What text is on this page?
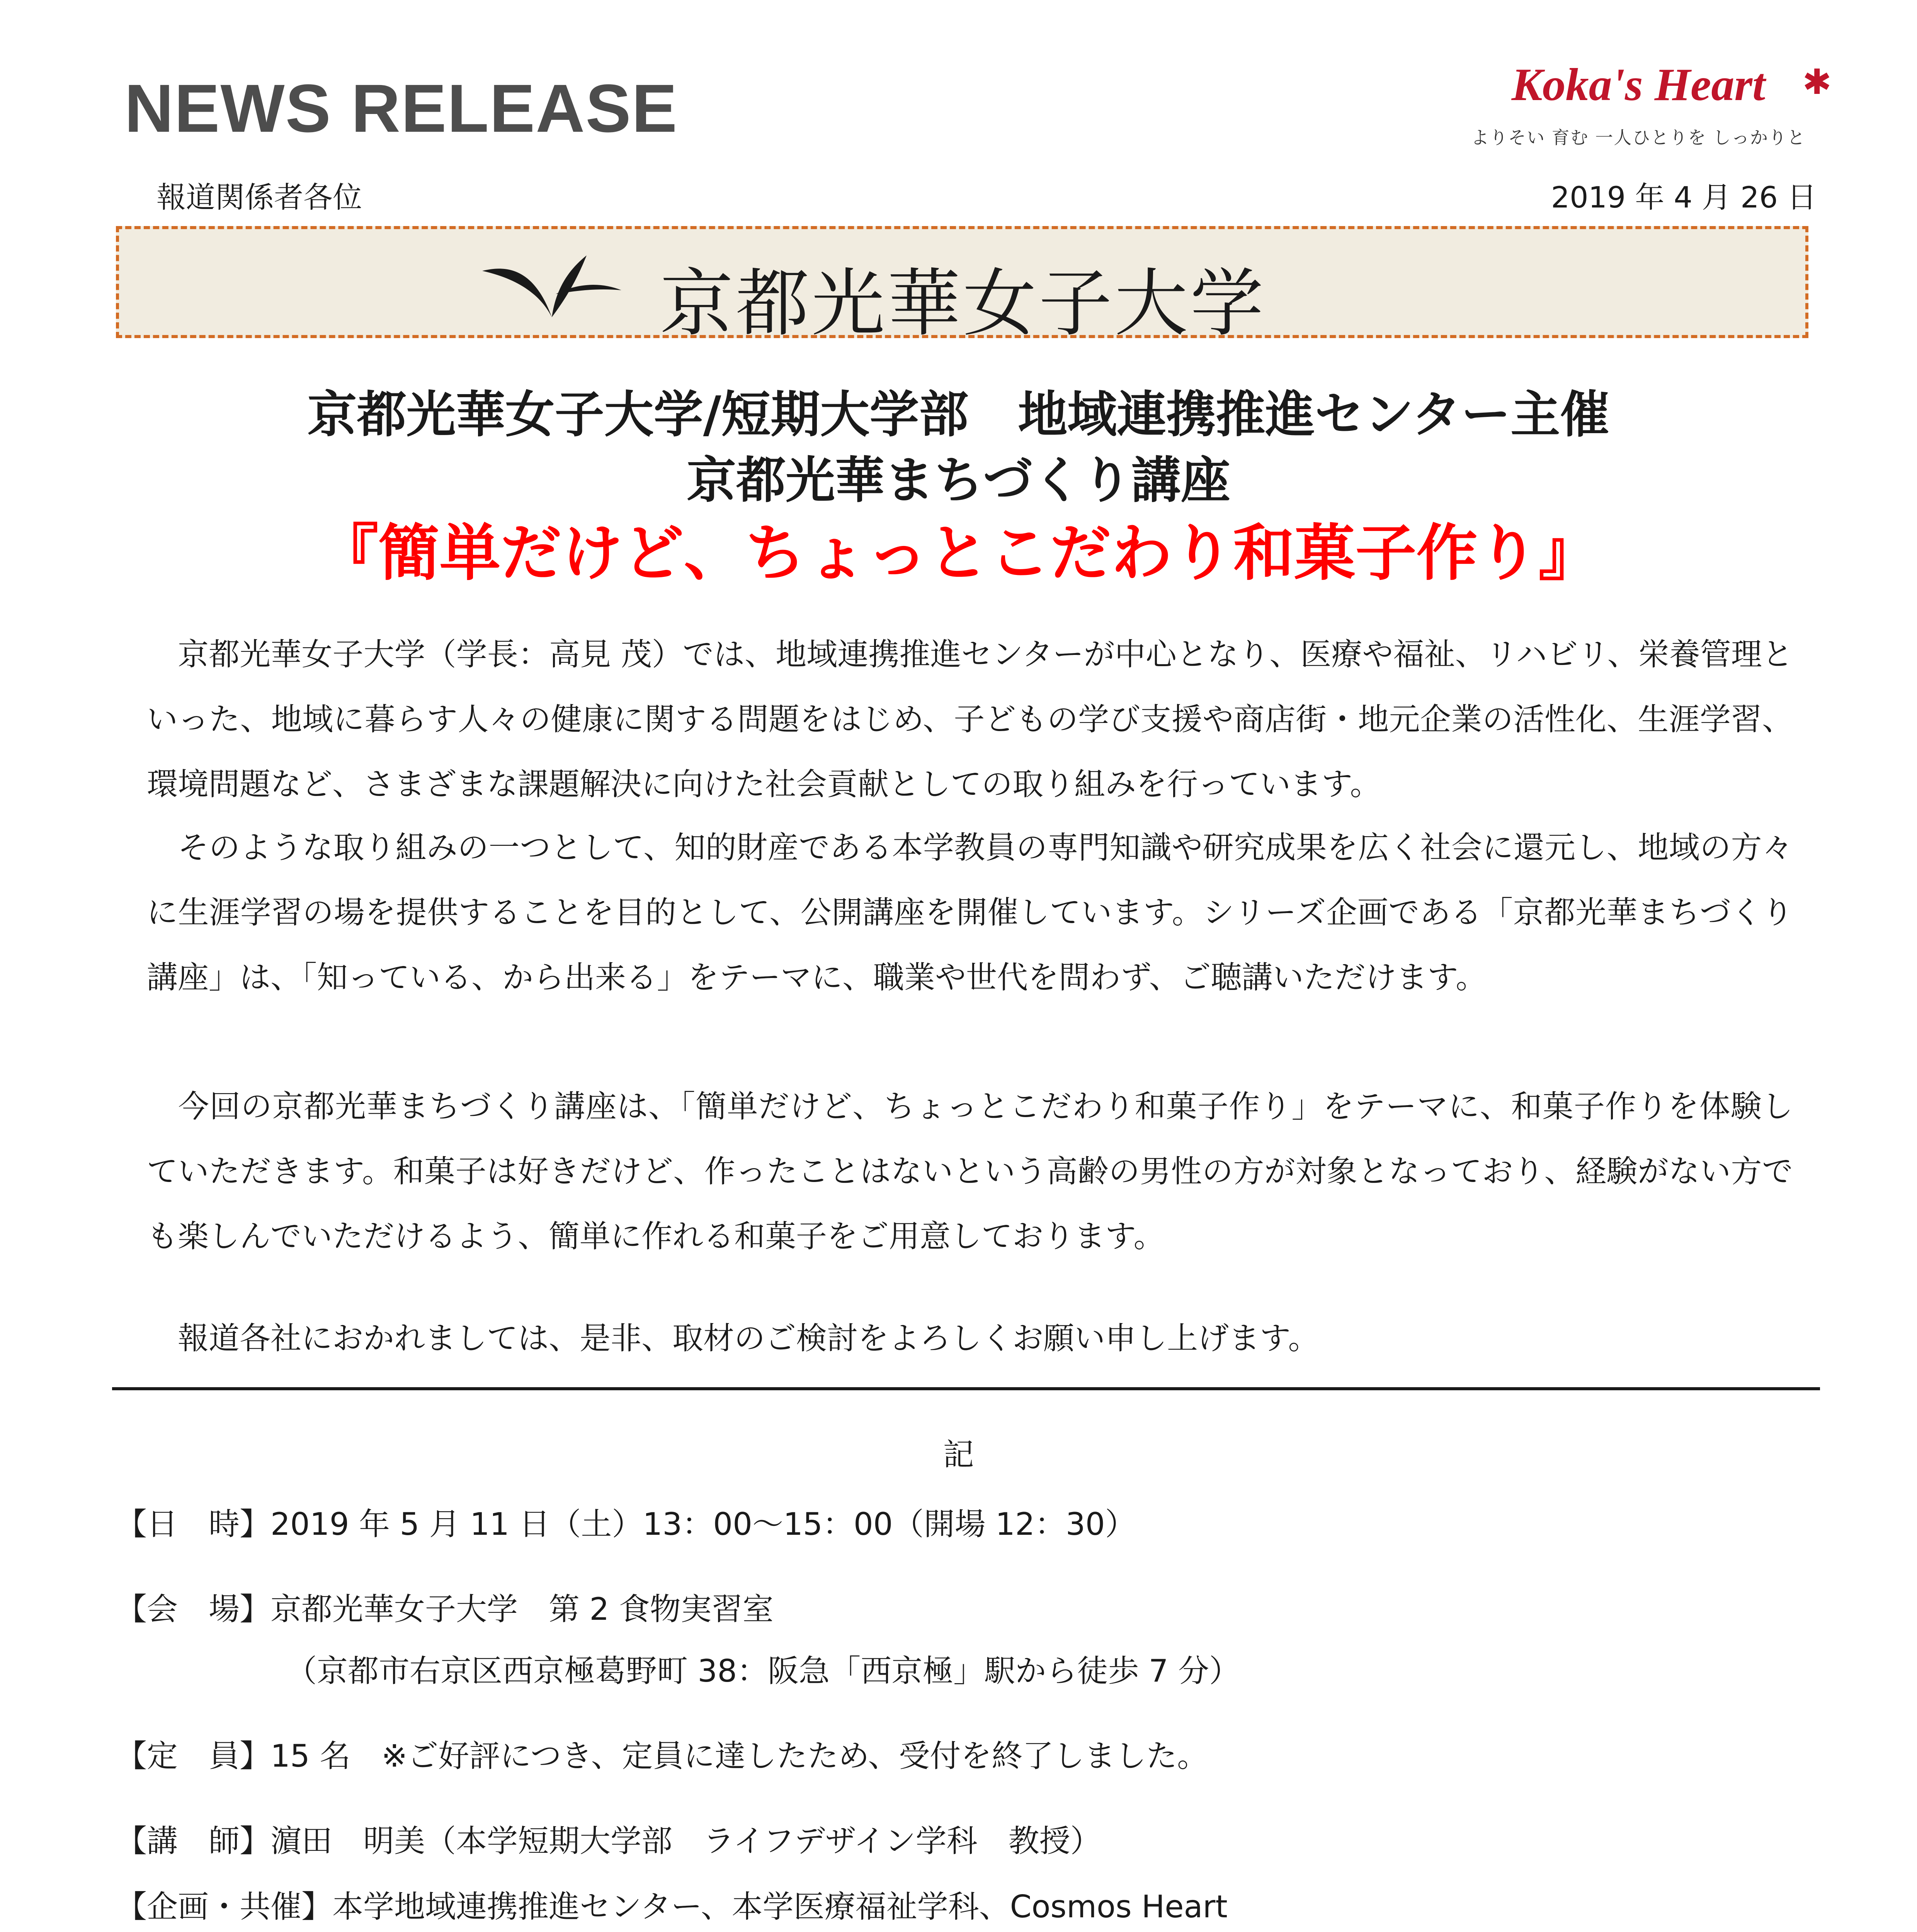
NEWS RELEASE	Koka's Heart	✱
よりそい 育む 一人ひとりを しっかりと
報道関係者各位	2019 年 4 月 26 日
京都光華女子大学
京都光華女子大学/短期大学部　地域連携推進センター主催
京都光華まちづくり講座
『簡単だけど、ちょっとこだわり和菓子作り』
　京都光華女子大学（学長：高見 茂）では、地域連携推進センターが中心となり、医療や福祉、リハビリ、栄養管理といった、地域に暮らす人々の健康に関する問題をはじめ、子どもの学び支援や商店街・地元企業の活性化、生涯学習、環境問題など、さまざまな課題解決に向けた社会貢献としての取り組みを行っています。
　そのような取り組みの一つとして、知的財産である本学教員の専門知識や研究成果を広く社会に還元し、地域の方々に生涯学習の場を提供することを目的として、公開講座を開催しています。シリーズ企画である「京都光華まちづくり講座」は、「知っている、から出来る」をテーマに、職業や世代を問わず、ご聴講いただけます。
　今回の京都光華まちづくり講座は、「簡単だけど、ちょっとこだわり和菓子作り」をテーマに、和菓子作りを体験していただきます。和菓子は好きだけど、作ったことはないという高齢の男性の方が対象となっており、経験がない方でも楽しんでいただけるよう、簡単に作れる和菓子をご用意しております。
　報道各社におかれましては、是非、取材のご検討をよろしくお願い申し上げます。
記
【日　時】2019 年 5 月 11 日（土）13：00～15：00（開場 12：30）
【会　場】京都光華女子大学　第 2 食物実習室
（京都市右京区西京極葛野町 38：阪急「西京極」駅から徒歩 7 分）
【定　員】15 名　※ご好評につき、定員に達したため、受付を終了しました。
【講　師】濵田　明美（本学短期大学部　ライフデザイン学科　教授）
【企画・共催】本学地域連携推進センター、本学医療福祉学科、Cosmos Heart
